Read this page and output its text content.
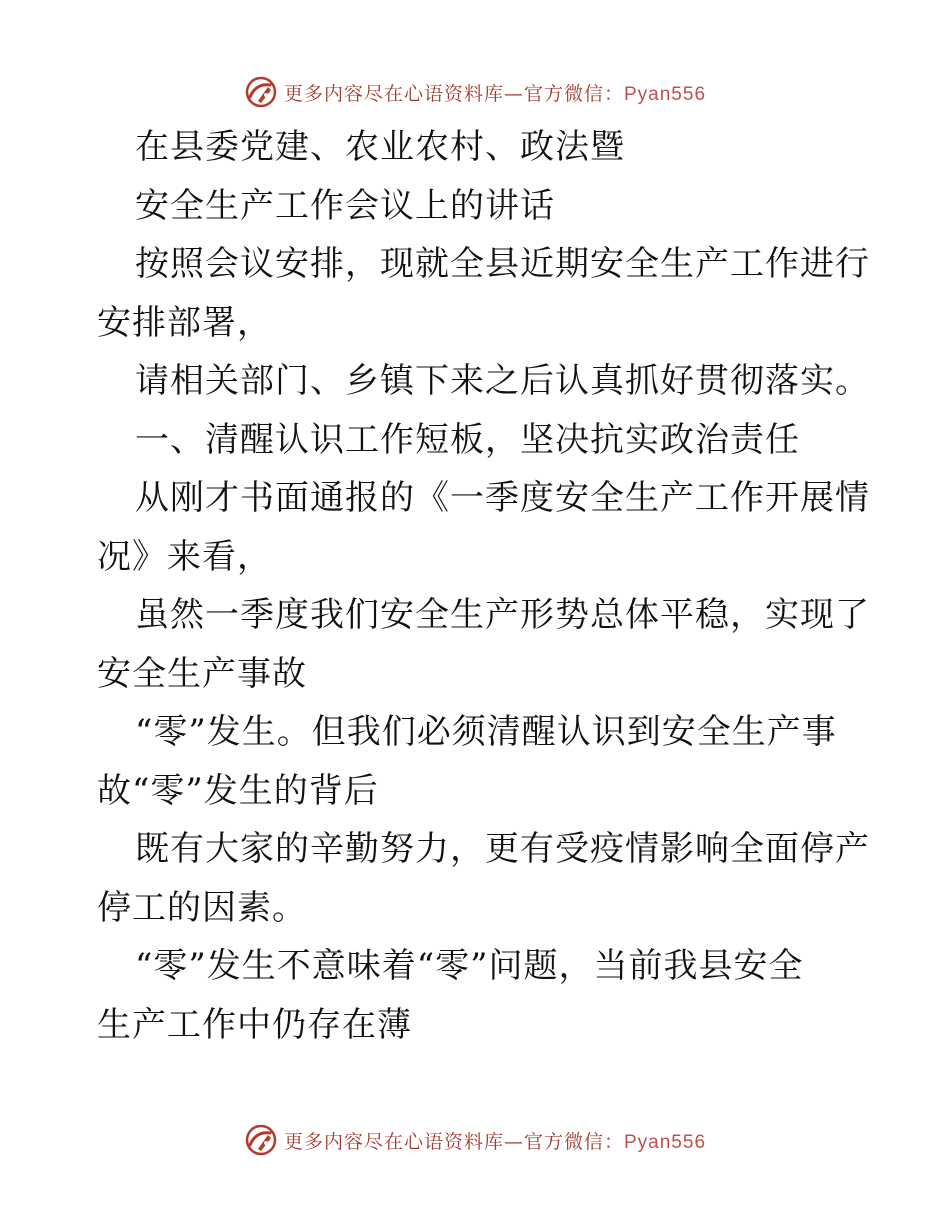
更多内容尽在心语资料库—官方微信：Pyan556
在县委党建、农业农村、政法暨
安全生产工作会议上的讲话
按照会议安排，现就全县近期安全生产工作进行
安排部署，
请相关部门、乡镇下来之后认真抓好贯彻落实。
一、清醒认识工作短板，坚决抗实政治责任
从刚才书面通报的《一季度安全生产工作开展情
况》来看，
虽然一季度我们安全生产形势总体平稳，实现了
安全生产事故
“零”发生。但我们必须清醒认识到安全生产事
故“零”发生的背后
既有大家的辛勤努力，更有受疫情影响全面停产
停工的因素。
“零”发生不意味着“零”问题，当前我县安全
生产工作中仍存在薄
更多内容尽在心语资料库—官方微信：Pyan556
